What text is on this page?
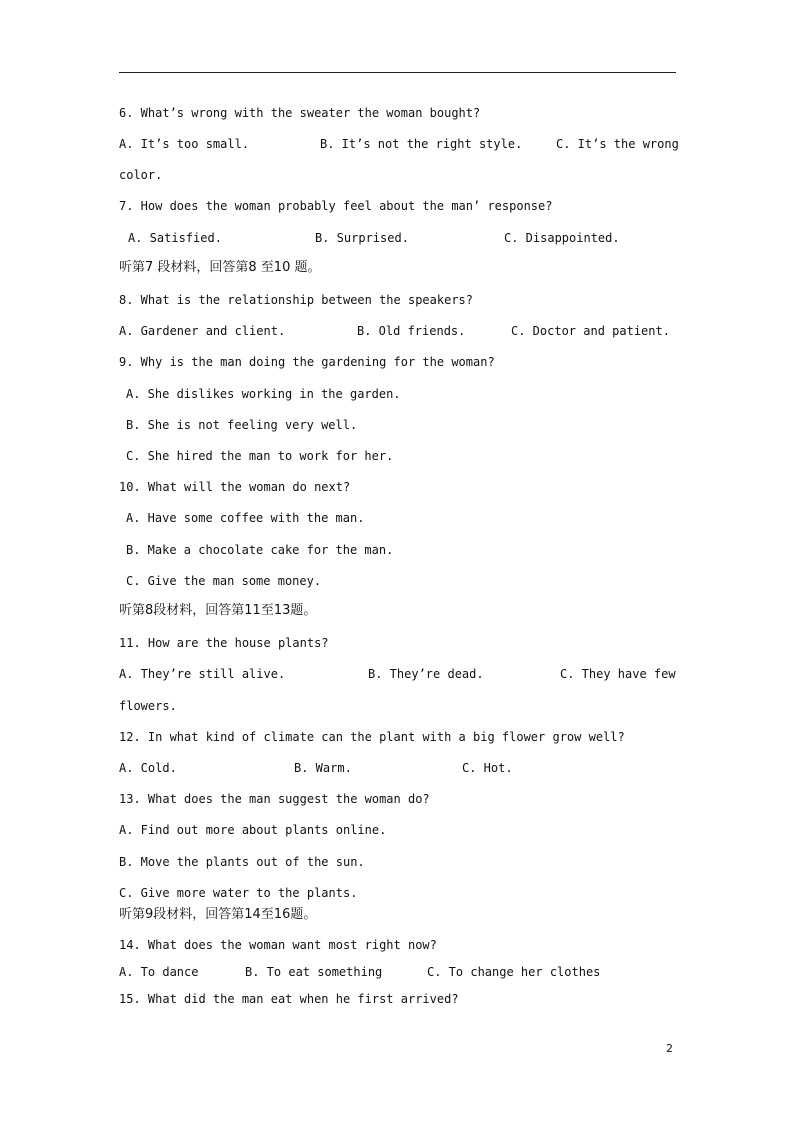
6. What’s wrong with the sweater the woman bought?
A. It’s too small.	B. It’s not the right style.	C. It’s the wrong
color.
7. How does the woman probably feel about the man’ response?
A. Satisfied.	B. Surprised.	C. Disappointed.
听第7 段材料，回答第8 至10 题。
8. What is the relationship between the speakers?
A. Gardener and client.	B. Old friends.	C. Doctor and patient.
9. Why is the man doing the gardening for the woman?
A. She dislikes working in the garden.
B. She is not feeling very well.
C. She hired the man to work for her.
10. What will the woman do next?
A. Have some coffee with the man.
B. Make a chocolate cake for the man.
C. Give the man some money.
听第8段材料，回答第11至13题。
11. How are the house plants?
A. They’re still alive.	B. They’re dead.	C. They have few
flowers.
12. In what kind of climate can the plant with a big flower grow well?
A. Cold.	B. Warm.	C. Hot.
13. What does the man suggest the woman do?
A. Find out more about plants online.
B. Move the plants out of the sun.
C. Give more water to the plants.
听第9段材料，回答第14至16题。
14. What does the woman want most right now?
A. To dance	B. To eat something	C. To change her clothes
15. What did the man eat when he first arrived?
2
